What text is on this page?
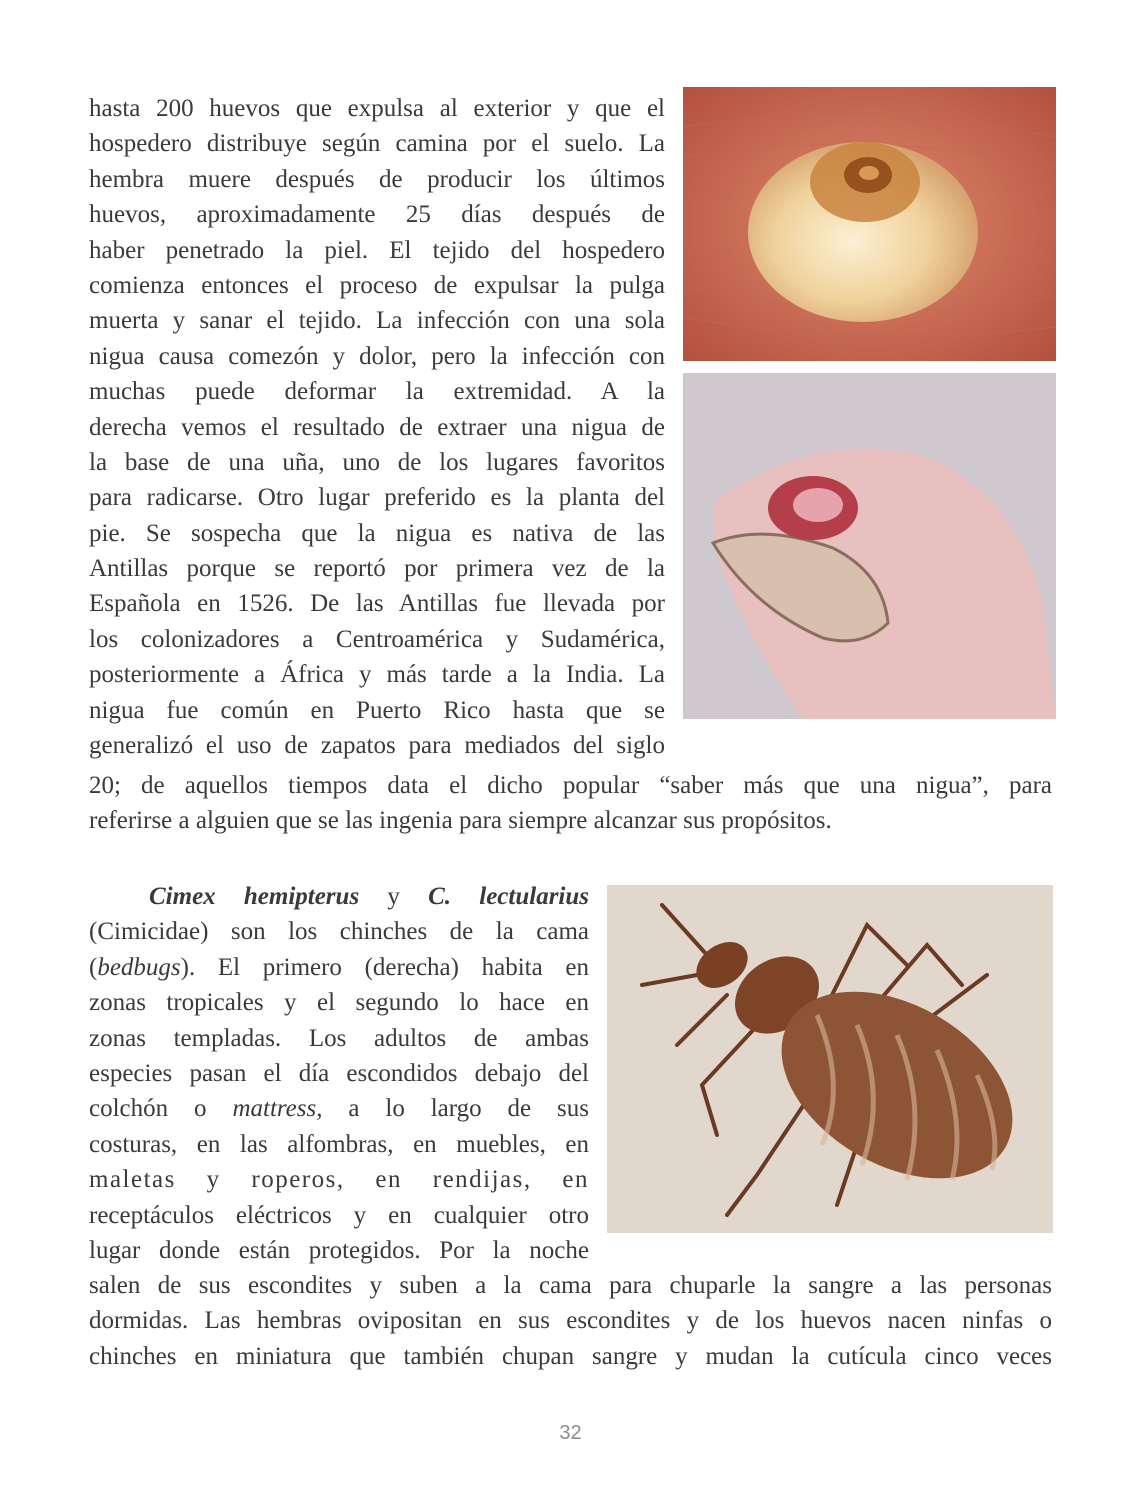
hasta 200 huevos que expulsa al exterior y que el
hospedero distribuye según camina por el suelo. La
hembra muere después de producir los últimos
huevos, aproximadamente 25 días después de
haber penetrado la piel. El tejido del hospedero
comienza entonces el proceso de expulsar la pulga
muerta y sanar el tejido. La infección con una sola
nigua causa comezón y dolor, pero la infección con
muchas puede deformar la extremidad. A la
derecha vemos el resultado de extraer una nigua de
la base de una uña, uno de los lugares favoritos
para radicarse. Otro lugar preferido es la planta del
pie. Se sospecha que la nigua es nativa de las
Antillas porque se reportó por primera vez de la
Española en 1526. De las Antillas fue llevada por
los colonizadores a Centroamérica y Sudamérica,
posteriormente a África y más tarde a la India. La
nigua fue común en Puerto Rico hasta que se
generalizó el uso de zapatos para mediados del siglo
20; de aquellos tiempos data el dicho popular “saber más que una nigua”, para
referirse a alguien que se las ingenia para siempre alcanzar sus propósitos.
Cimex hemipterus y C. lectularius
(Cimicidae) son los chinches de la cama
(bedbugs). El primero (derecha) habita en
zonas tropicales y el segundo lo hace en
zonas templadas. Los adultos de ambas
especies pasan el día escondidos debajo del
colchón o mattress, a lo largo de sus
costuras, en las alfombras, en muebles, en
maletas y roperos, en rendijas, en
receptáculos eléctricos y en cualquier otro
lugar donde están protegidos. Por la noche
salen de sus escondites y suben a la cama para chuparle la sangre a las personas
dormidas. Las hembras ovipositan en sus escondites y de los huevos nacen ninfas o
chinches en miniatura que también chupan sangre y mudan la cutícula cinco veces
32
